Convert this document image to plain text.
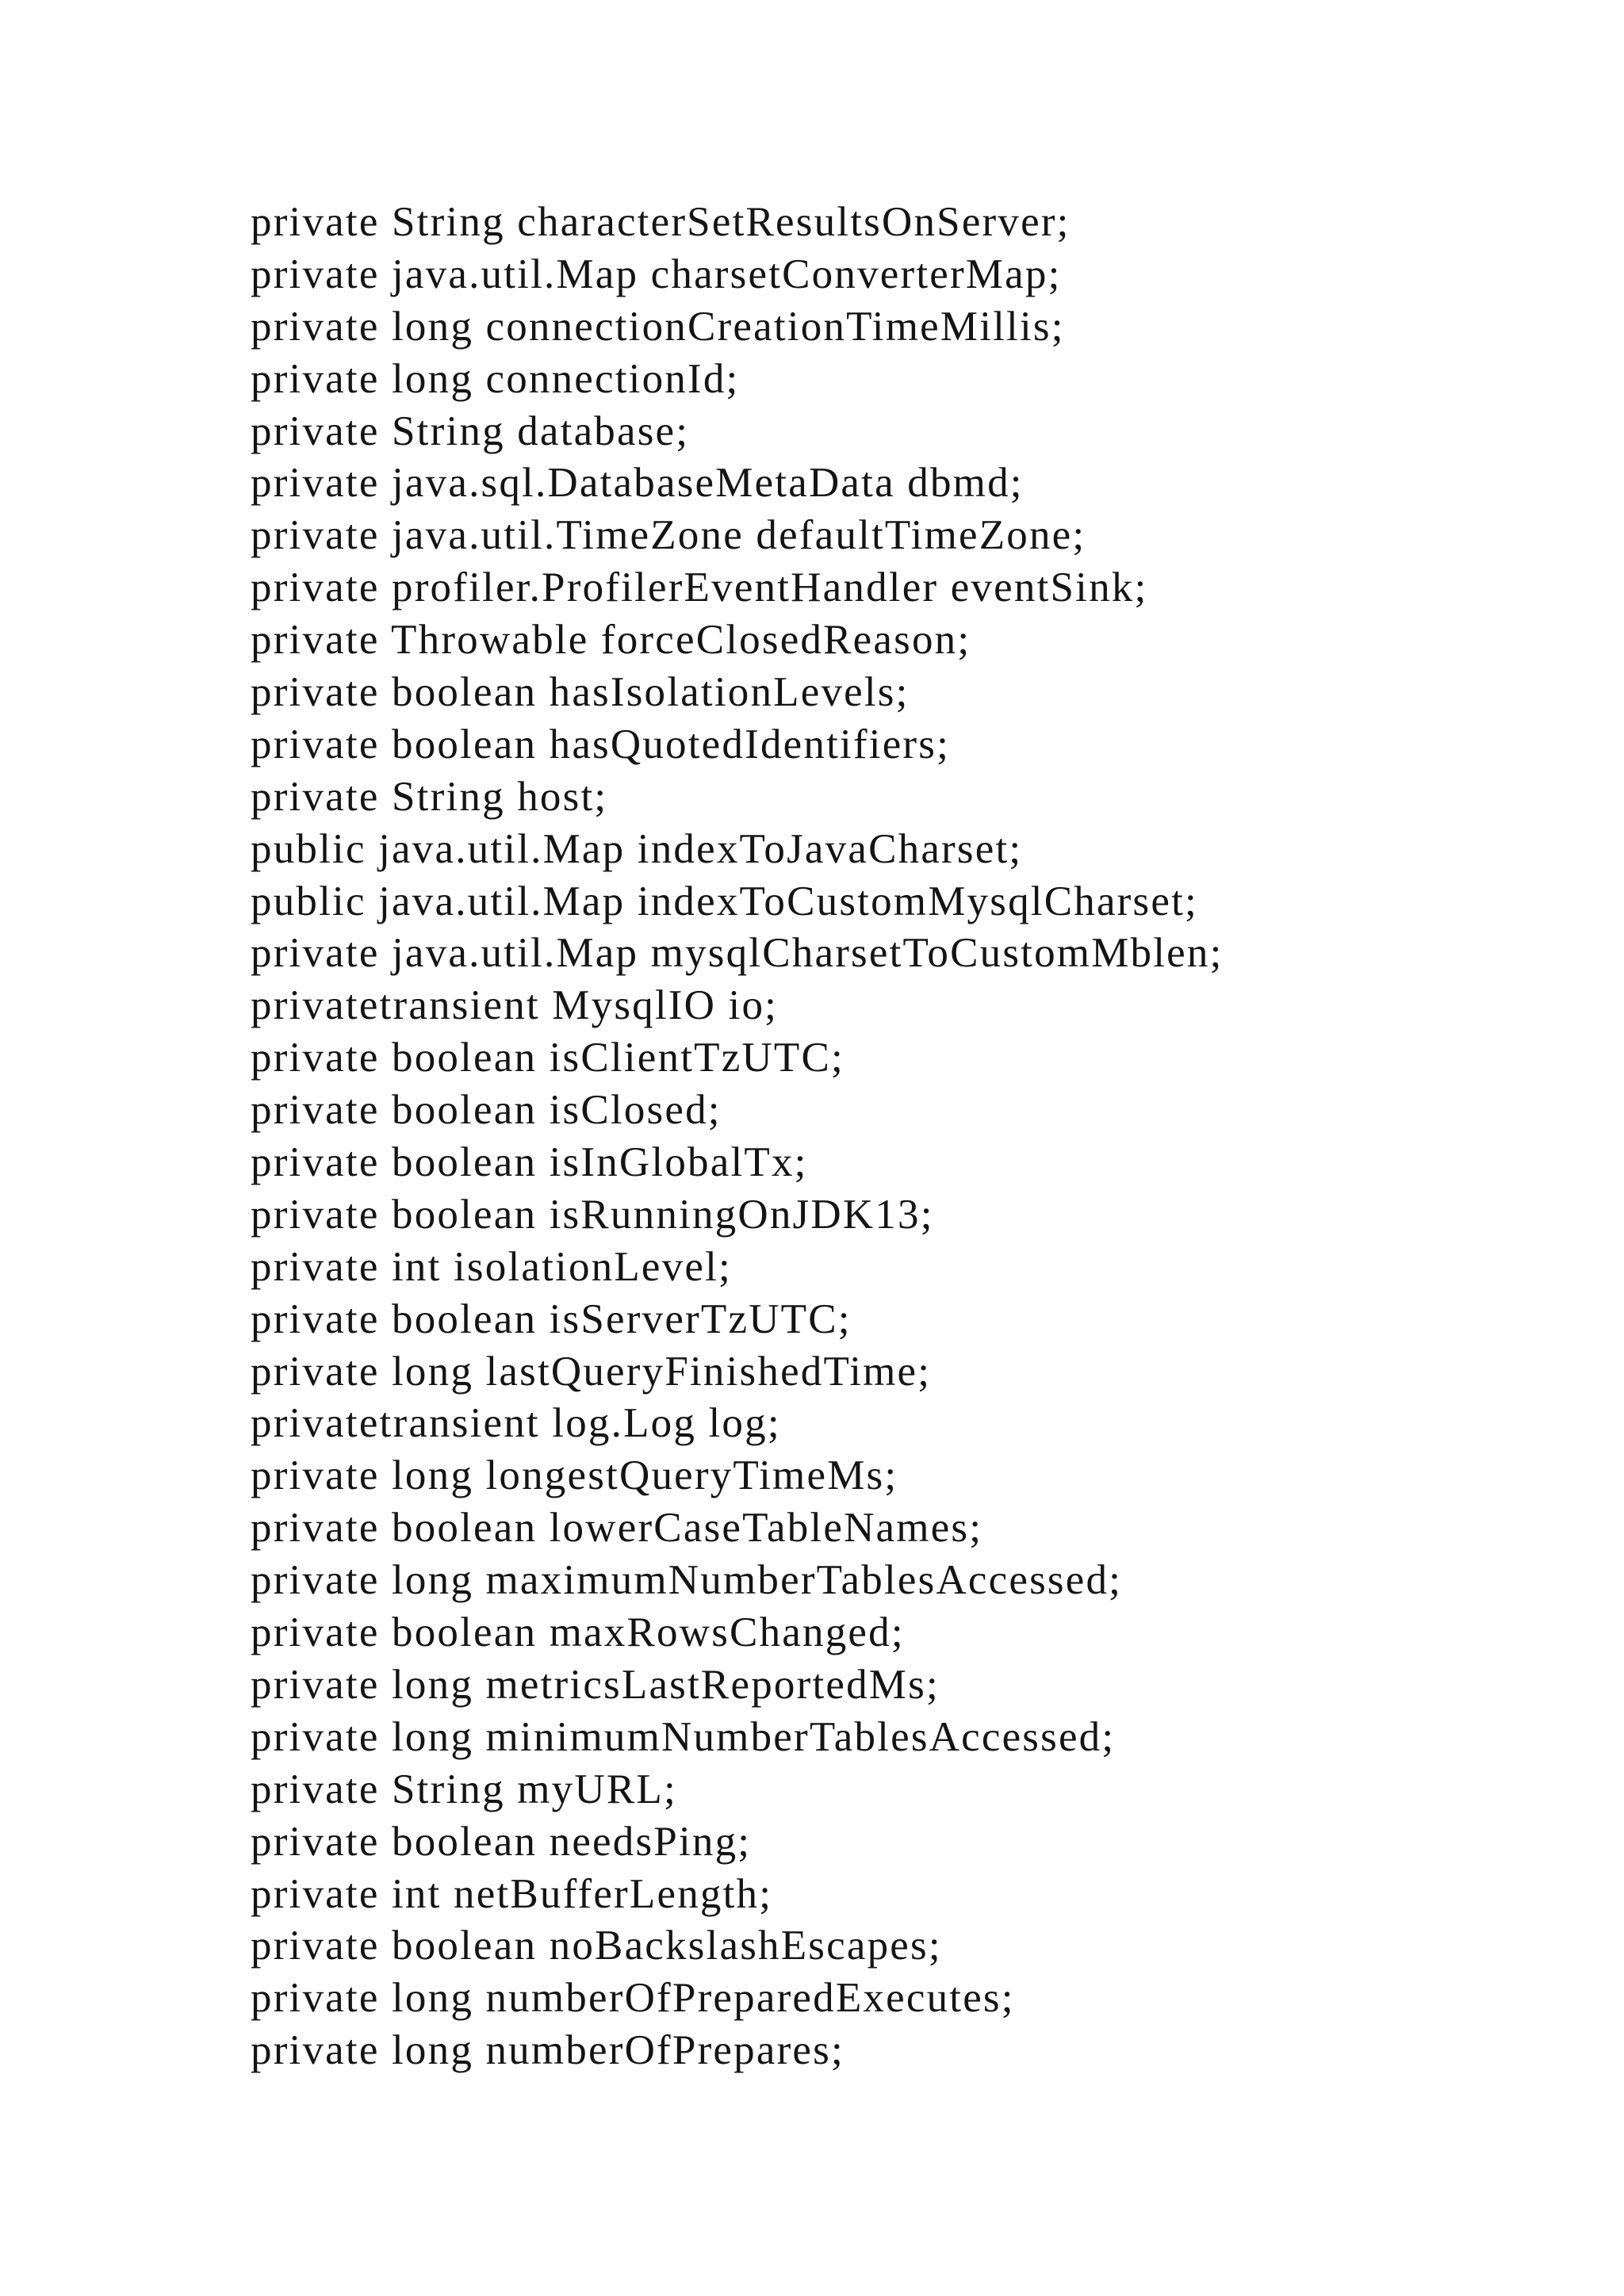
private String characterSetResultsOnServer;
private java.util.Map charsetConverterMap;
private long connectionCreationTimeMillis;
private long connectionId;
private String database;
private java.sql.DatabaseMetaData dbmd;
private java.util.TimeZone defaultTimeZone;
private profiler.ProfilerEventHandler eventSink;
private Throwable forceClosedReason;
private boolean hasIsolationLevels;
private boolean hasQuotedIdentifiers;
private String host;
public java.util.Map indexToJavaCharset;
public java.util.Map indexToCustomMysqlCharset;
private java.util.Map mysqlCharsetToCustomMblen;
privatetransient MysqlIO io;
private boolean isClientTzUTC;
private boolean isClosed;
private boolean isInGlobalTx;
private boolean isRunningOnJDK13;
private int isolationLevel;
private boolean isServerTzUTC;
private long lastQueryFinishedTime;
privatetransient log.Log log;
private long longestQueryTimeMs;
private boolean lowerCaseTableNames;
private long maximumNumberTablesAccessed;
private boolean maxRowsChanged;
private long metricsLastReportedMs;
private long minimumNumberTablesAccessed;
private String myURL;
private boolean needsPing;
private int netBufferLength;
private boolean noBackslashEscapes;
private long numberOfPreparedExecutes;
private long numberOfPrepares;
